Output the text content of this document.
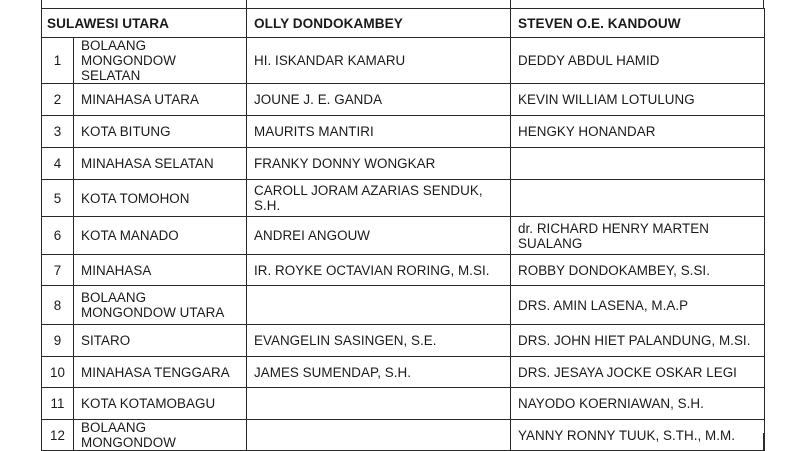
SULAWESI UTARA		OLLY DONDOKAMBEY	STEVEN O.E. KANDOUW
1	BOLAANG MONGONDOW SELATAN	HI. ISKANDAR KAMARU	DEDDY ABDUL HAMID
2	MINAHASA UTARA	JOUNE J. E. GANDA	KEVIN WILLIAM LOTULUNG
3	KOTA BITUNG	MAURITS MANTIRI	HENGKY HONANDAR
4	MINAHASA SELATAN	FRANKY DONNY WONGKAR	
5	KOTA TOMOHON	CAROLL JORAM AZARIAS SENDUK, S.H.	
6	KOTA MANADO	ANDREI ANGOUW	dr. RICHARD HENRY MARTEN SUALANG
7	MINAHASA	IR. ROYKE OCTAVIAN RORING, M.SI.	ROBBY DONDOKAMBEY, S.SI.
8	BOLAANG MONGONDOW UTARA		DRS. AMIN LASENA, M.A.P
9	SITARO	EVANGELIN SASINGEN, S.E.	DRS. JOHN HIET PALANDUNG, M.SI.
10	MINAHASA TENGGARA	JAMES SUMENDAP, S.H.	DRS. JESAYA JOCKE OSKAR LEGI
11	KOTA KOTAMOBAGU		NAYODO KOERNIAWAN, S.H.
12	BOLAANG MONGONDOW		YANNY RONNY TUUK, S.TH., M.M.
